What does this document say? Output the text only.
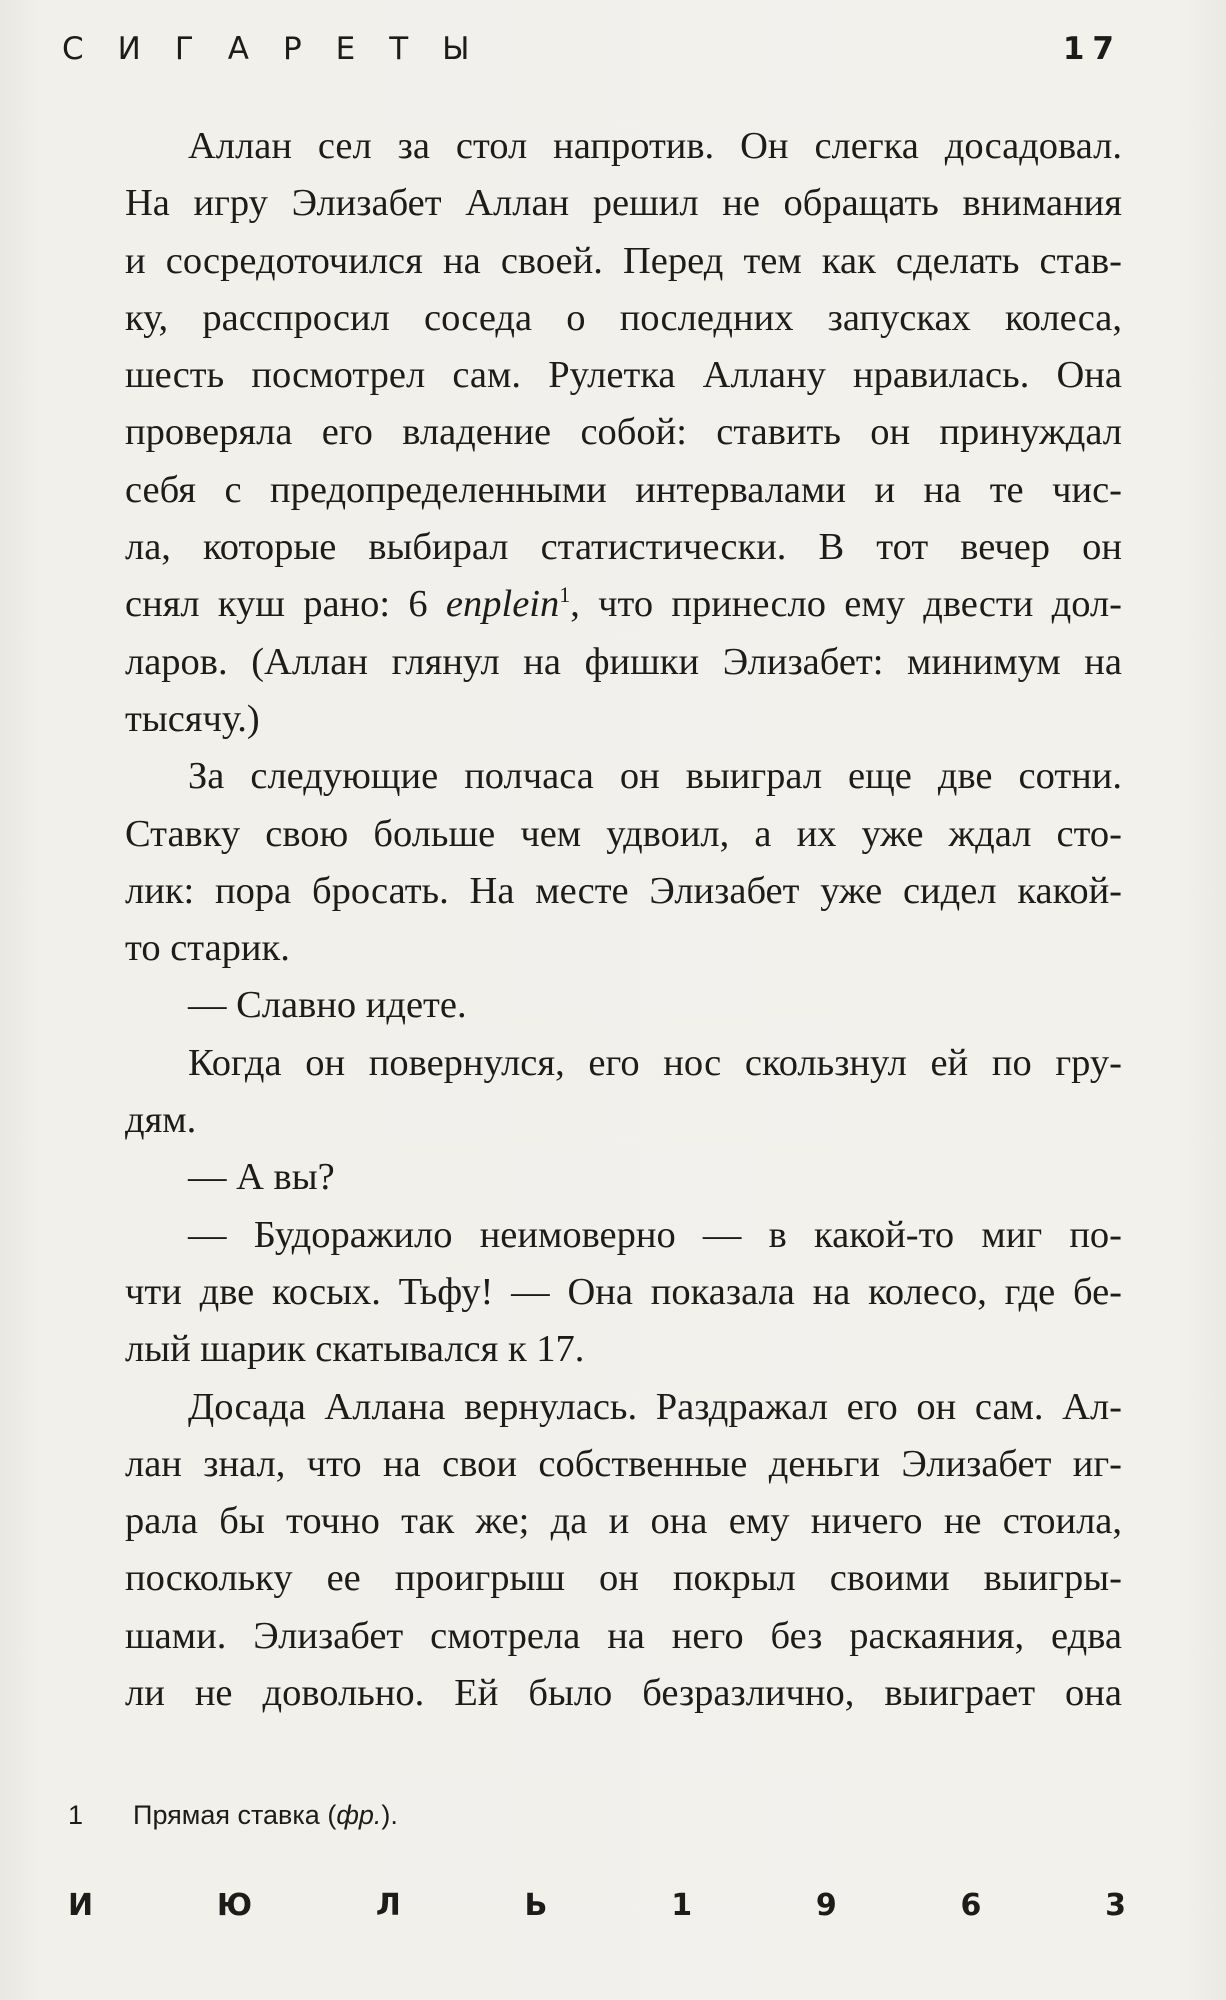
СИГАРЕТЫ	17

Аллан сел за стол напротив. Он слегка досадовал.
На игру Элизабет Аллан решил не обращать внимания
и сосредоточился на своей. Перед тем как сделать став-
ку, расспросил соседа о последних запусках колеса,
шесть посмотрел сам. Рулетка Аллану нравилась. Она
проверяла его владение собой: ставить он принуждал
себя с предопределенными интервалами и на те чис-
ла, которые выбирал статистически. В тот вечер он
снял куш рано: 6 enplein$^1$, что принесло ему двести дол-
ларов. (Аллан глянул на фишки Элизабет: минимум на
тысячу.)

За следующие полчаса он выиграл еще две сотни.
Ставку свою больше чем удвоил, а их уже ждал сто-
лик: пора бросать. На месте Элизабет уже сидел какой-
то старик.

— Славно идете.

Когда он повернулся, его нос скользнул ей по гру-
дям.

— А вы?

— Будоражило неимоверно — в какой-то миг по-
чти две косых. Тьфу! — Она показала на колесо, где бе-
лый шарик скатывался к 17.

Досада Аллана вернулась. Раздражал его он сам. Ал-
лан знал, что на свои собственные деньги Элизабет иг-
рала бы точно так же; да и она ему ничего не стоила,
поскольку ее проигрыш он покрыл своими выигры-
шами. Элизабет смотрела на него без раскаяния, едва
ли не довольно. Ей было безразлично, выиграет она

1 Прямая ставка (фр.).
И	Ю	Л	Ь	1	9	6	3
